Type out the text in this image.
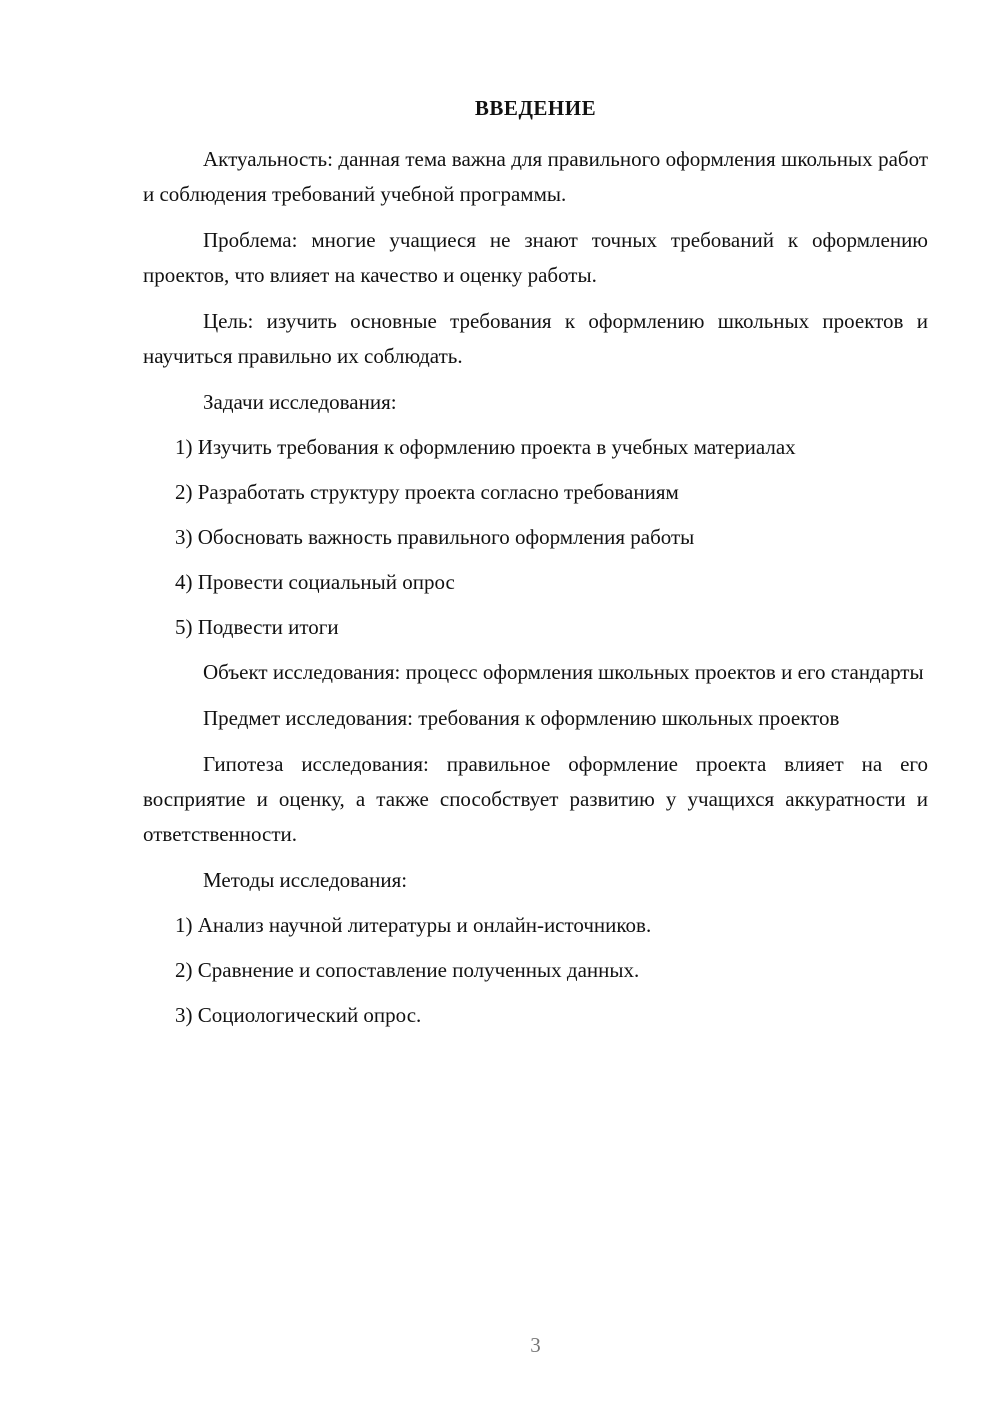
ВВЕДЕНИЕ

Актуальность: данная тема важна для правильного оформления школьных работ и соблюдения требований учебной программы.

Проблема: многие учащиеся не знают точных требований к оформлению проектов, что влияет на качество и оценку работы.

Цель: изучить основные требования к оформлению школьных проектов и научиться правильно их соблюдать.

Задачи исследования:

1) Изучить требования к оформлению проекта в учебных материалах
2) Разработать структуру проекта согласно требованиям
3) Обосновать важность правильного оформления работы
4) Провести социальный опрос
5) Подвести итоги

Объект исследования: процесс оформления школьных проектов и его стандарты

Предмет исследования: требования к оформлению школьных проектов

Гипотеза исследования: правильное оформление проекта влияет на его восприятие и оценку, а также способствует развитию у учащихся аккуратности и ответственности.

Методы исследования:

1) Анализ научной литературы и онлайн-источников.
2) Сравнение и сопоставление полученных данных.
3) Социологический опрос.
3
